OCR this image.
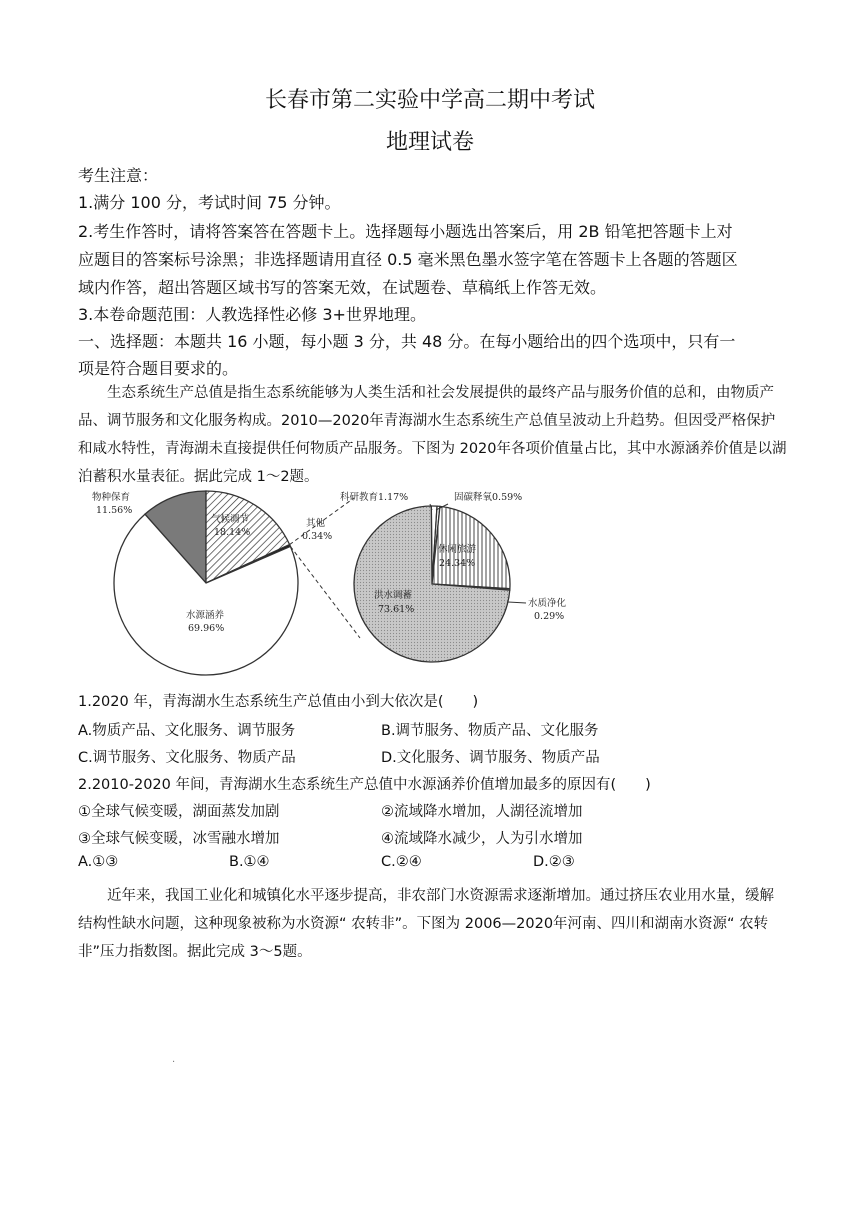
长春市第二实验中学高二期中考试
地理试卷
考生注意：
1.满分 100 分，考试时间 75 分钟。
2.考生作答时，请将答案答在答题卡上。选择题每小题选出答案后，用 2B 铅笔把答题卡上对
应题目的答案标号涂黑；非选择题请用直径 0.5 毫米黑色墨水签字笔在答题卡上各题的答题区
域内作答，超出答题区域书写的答案无效，在试题卷、草稿纸上作答无效。
3.本卷命题范围：人教选择性必修 3+世界地理。
一、选择题：本题共 16 小题，每小题 3 分，共 48 分。在每小题给出的四个选项中，只有一
项是符合题目要求的。
生态系统生产总值是指生态系统能够为人类生活和社会发展提供的最终产品与服务价值的总和，由物质产品、调节服务和文化服务构成。2010—2020年青海湖水生态系统生产总值呈波动上升趋势。但因受严格保护和咸水特性，青海湖未直接提供任何物质产品服务。下图为 2020年各项价值量占比，其中水源涵养价值是以湖泊蓄积水量表征。据此完成 1～2题。
物种保育
11.56%
气候调节
18.14%
其他
0.34%
水源涵养
69.96%
科研教育1.17%	固碳释氧0.59%
休闲旅游
24.34%
水质净化
0.29%
洪水调蓄
73.61%
1.2020 年，青海湖水生态系统生产总值由小到大依次是(　　)
A.物质产品、文化服务、调节服务	B.调节服务、物质产品、文化服务
C.调节服务、文化服务、物质产品	D.文化服务、调节服务、物质产品
2.2010-2020 年间，青海湖水生态系统生产总值中水源涵养价值增加最多的原因有(　　)
①全球气候变暖，湖面蒸发加剧	②流域降水增加，人湖径流增加
③全球气候变暖，冰雪融水增加	④流域降水减少，人为引水增加
A.①③	B.①④	C.②④	D.②③
近年来，我国工业化和城镇化水平逐步提高，非农部门水资源需求逐渐增加。通过挤压农业用水量，缓解结构性缺水问题，这种现象被称为水资源“ 农转非”。下图为 2006—2020年河南、四川和湖南水资源“ 农转非”压力指数图。据此完成 3～5题。
.
